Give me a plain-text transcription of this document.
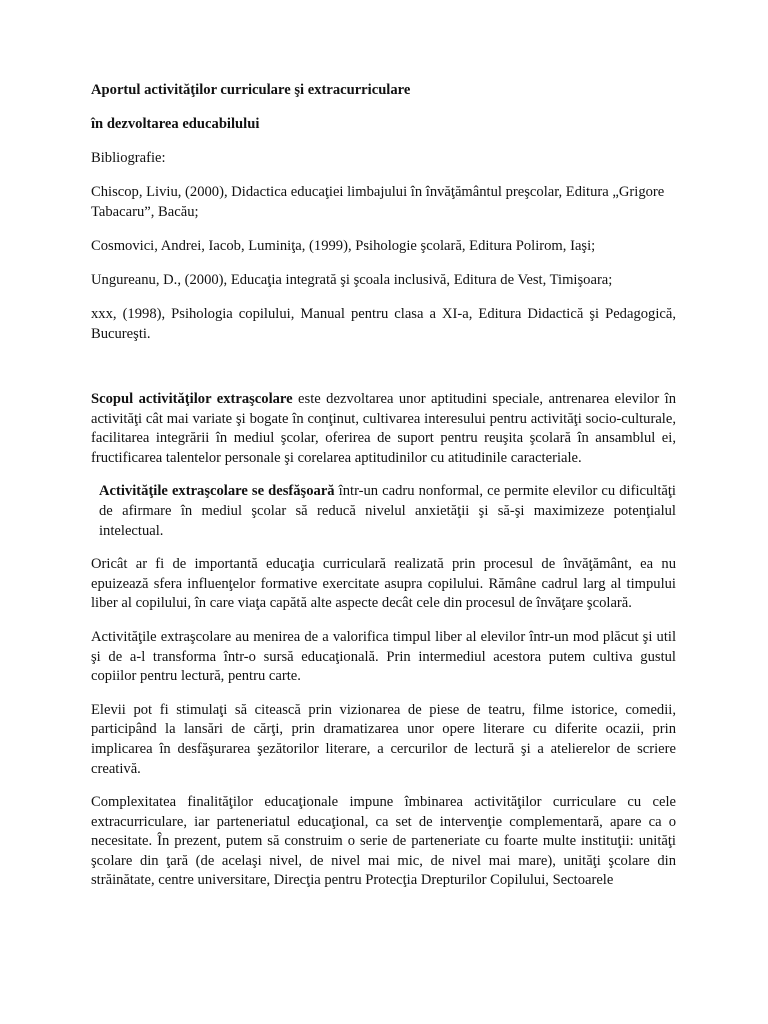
Aportul activităţilor curriculare şi extracurriculare

în dezvoltarea educabilului

Bibliografie:

Chiscop, Liviu, (2000), Didactica educaţiei limbajului în învăţământul preşcolar, Editura „Grigore

Tabacaru”, Bacău;

Cosmovici, Andrei, Iacob, Luminiţa, (1999), Psihologie şcolară, Editura Polirom, Iaşi;

Ungureanu, D., (2000), Educaţia integrată şi şcoala inclusivă, Editura de Vest, Timişoara;

xxx, (1998), Psihologia copilului, Manual pentru clasa a XI-a, Editura Didactică şi Pedagogică, Bucureşti.

Scopul activităţilor extraşcolare este dezvoltarea unor aptitudini speciale, antrenarea elevilor în activităţi cât mai variate şi bogate în conţinut, cultivarea interesului pentru activităţi socio-culturale, facilitarea integrării în mediul şcolar, oferirea de suport pentru reuşita şcolară în ansamblul ei, fructificarea talentelor personale şi corelarea aptitudinilor cu atitudinile caracteriale.

Activităţile extraşcolare se desfăşoară într-un cadru nonformal, ce permite elevilor cu dificultăţi de afirmare în mediul şcolar să reducă nivelul anxietăţii şi să-şi maximizeze potenţialul intelectual.

Oricât ar fi de importantă educaţia curriculară realizată prin procesul de învăţământ, ea nu epuizează sfera influenţelor formative exercitate asupra copilului. Rămâne cadrul larg al timpului liber al copilului, în care viaţa capătă alte aspecte decât cele din procesul de învăţare şcolară.

Activităţile extraşcolare au menirea de a valorifica timpul liber al elevilor într-un mod plăcut şi util şi de a-l transforma într-o sursă educaţională. Prin intermediul acestora putem cultiva gustul copiilor pentru lectură, pentru carte.

Elevii pot fi stimulaţi să citească prin vizionarea de piese de teatru, filme istorice, comedii, participând la lansări de cărţi, prin dramatizarea unor opere literare cu diferite ocazii, prin implicarea în desfăşurarea şezătorilor literare, a cercurilor de lectură şi a atelierelor de scriere creativă.

Complexitatea finalităţilor educaţionale impune îmbinarea activităţilor curriculare cu cele extracurriculare, iar parteneriatul educaţional, ca set de intervenţie complementară, apare ca o necesitate. În prezent, putem să construim o serie de parteneriate cu foarte multe instituţii: unităţi şcolare din ţară (de acelaşi nivel, de nivel mai mic, de nivel mai mare), unităţi şcolare din străinătate, centre universitare, Direcţia pentru Protecţia Drepturilor Copilului, Sectoarele
